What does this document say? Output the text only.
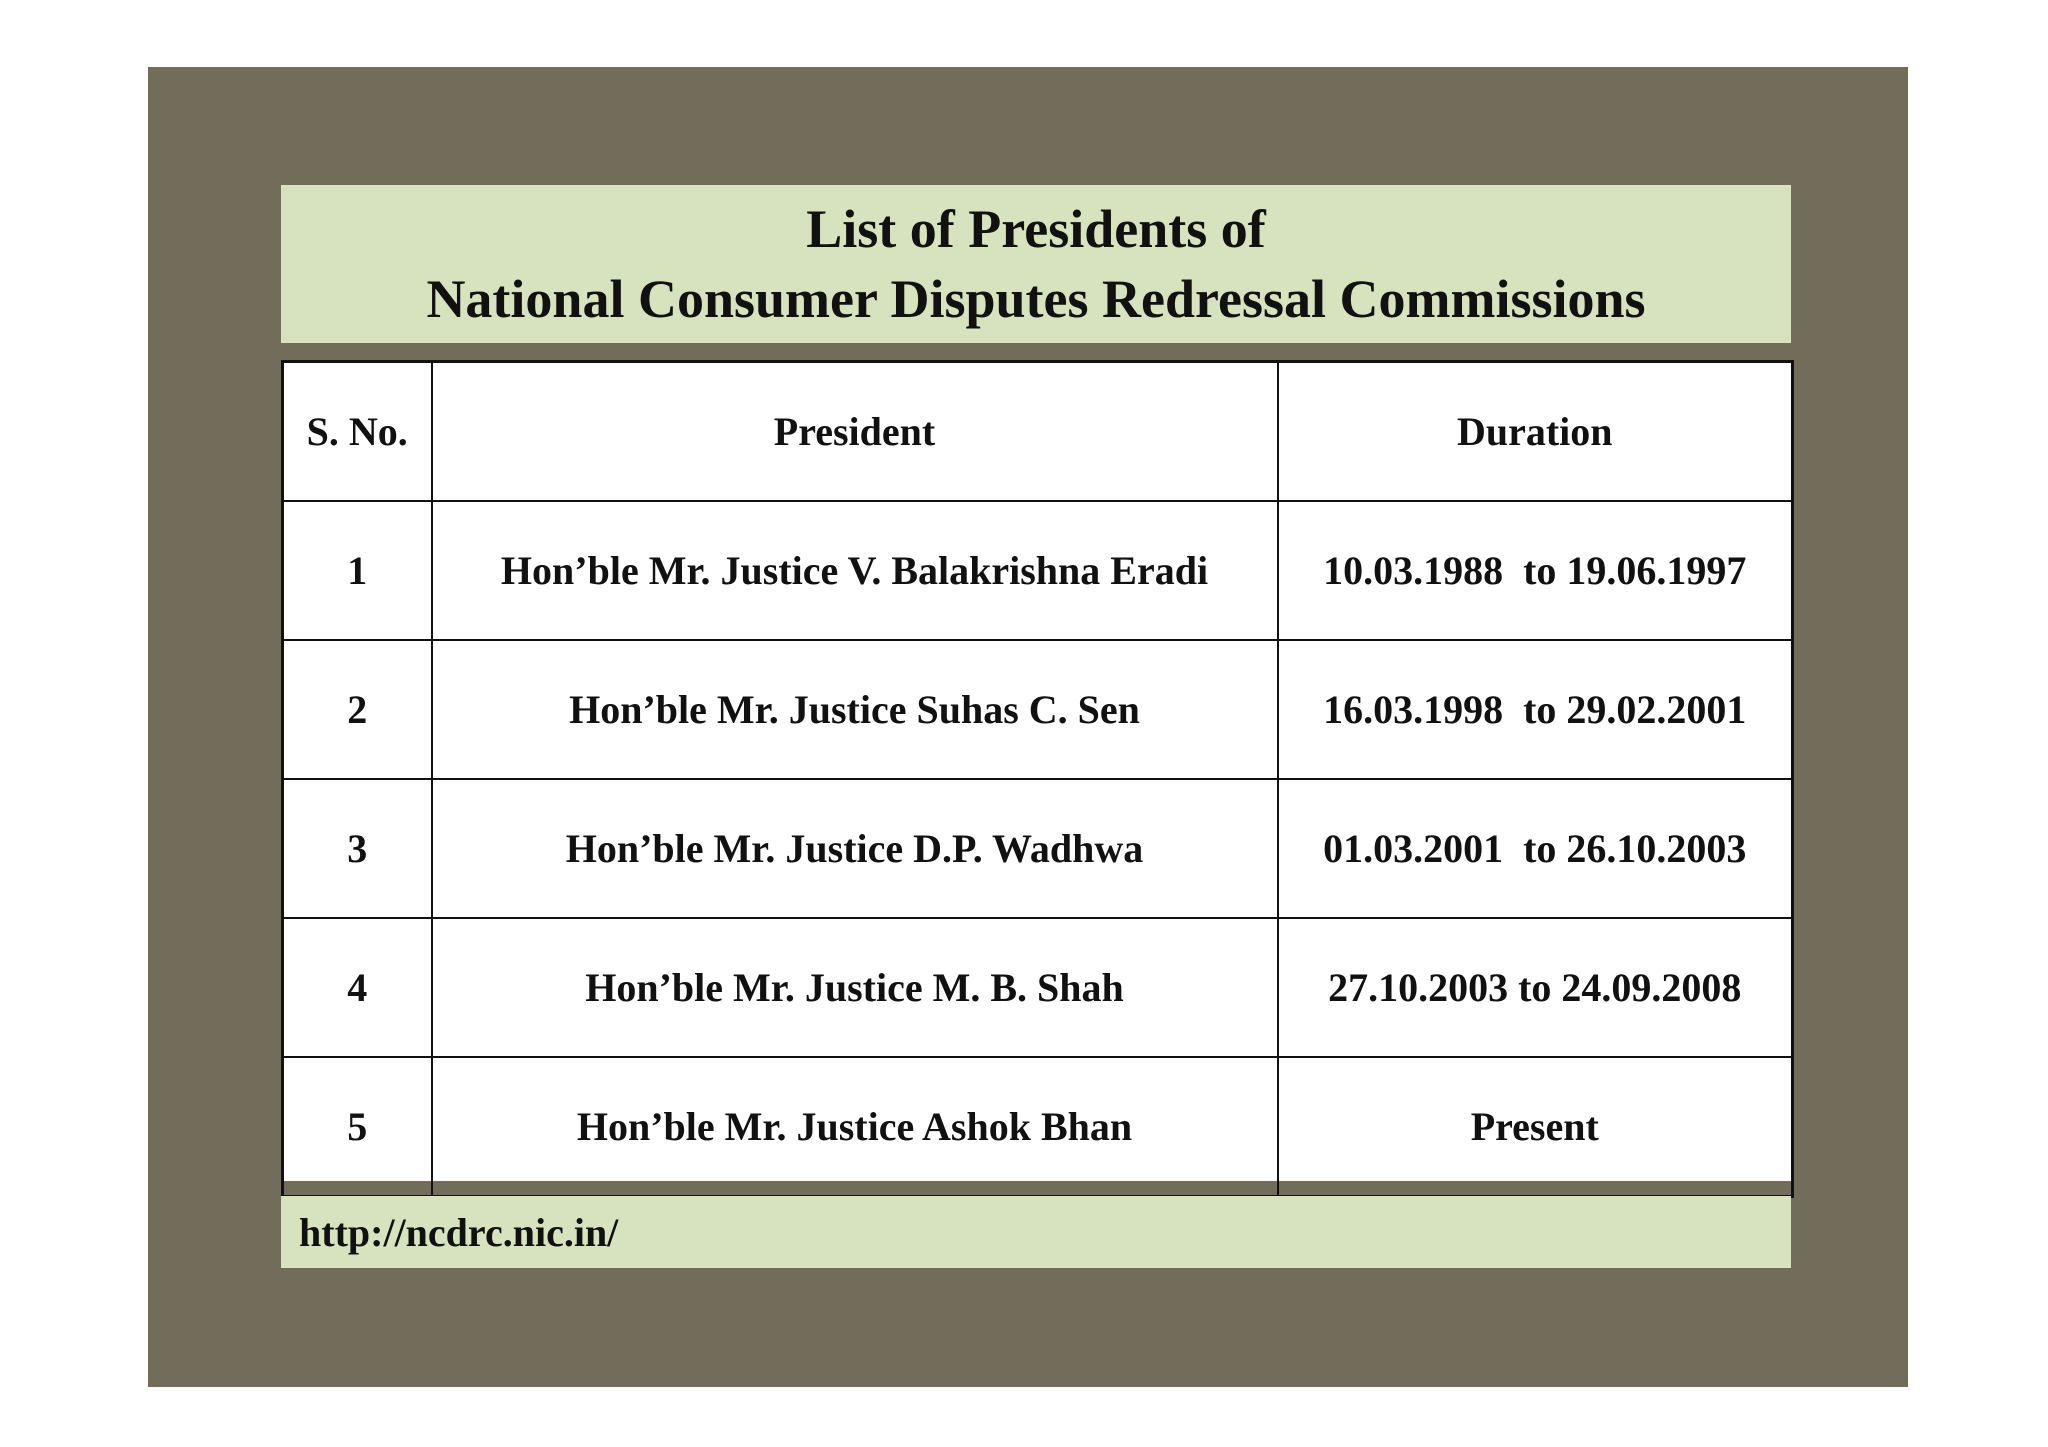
List of Presidents of
National Consumer Disputes Redressal Commissions
S. No.	President	Duration
1	Hon’ble Mr. Justice V. Balakrishna Eradi	10.03.1988  to 19.06.1997
2	Hon’ble Mr. Justice Suhas C. Sen	16.03.1998  to 29.02.2001
3	Hon’ble Mr. Justice D.P. Wadhwa	01.03.2001  to 26.10.2003
4	Hon’ble Mr. Justice M. B. Shah	27.10.2003 to 24.09.2008
5	Hon’ble Mr. Justice Ashok Bhan	Present
http://ncdrc.nic.in/
